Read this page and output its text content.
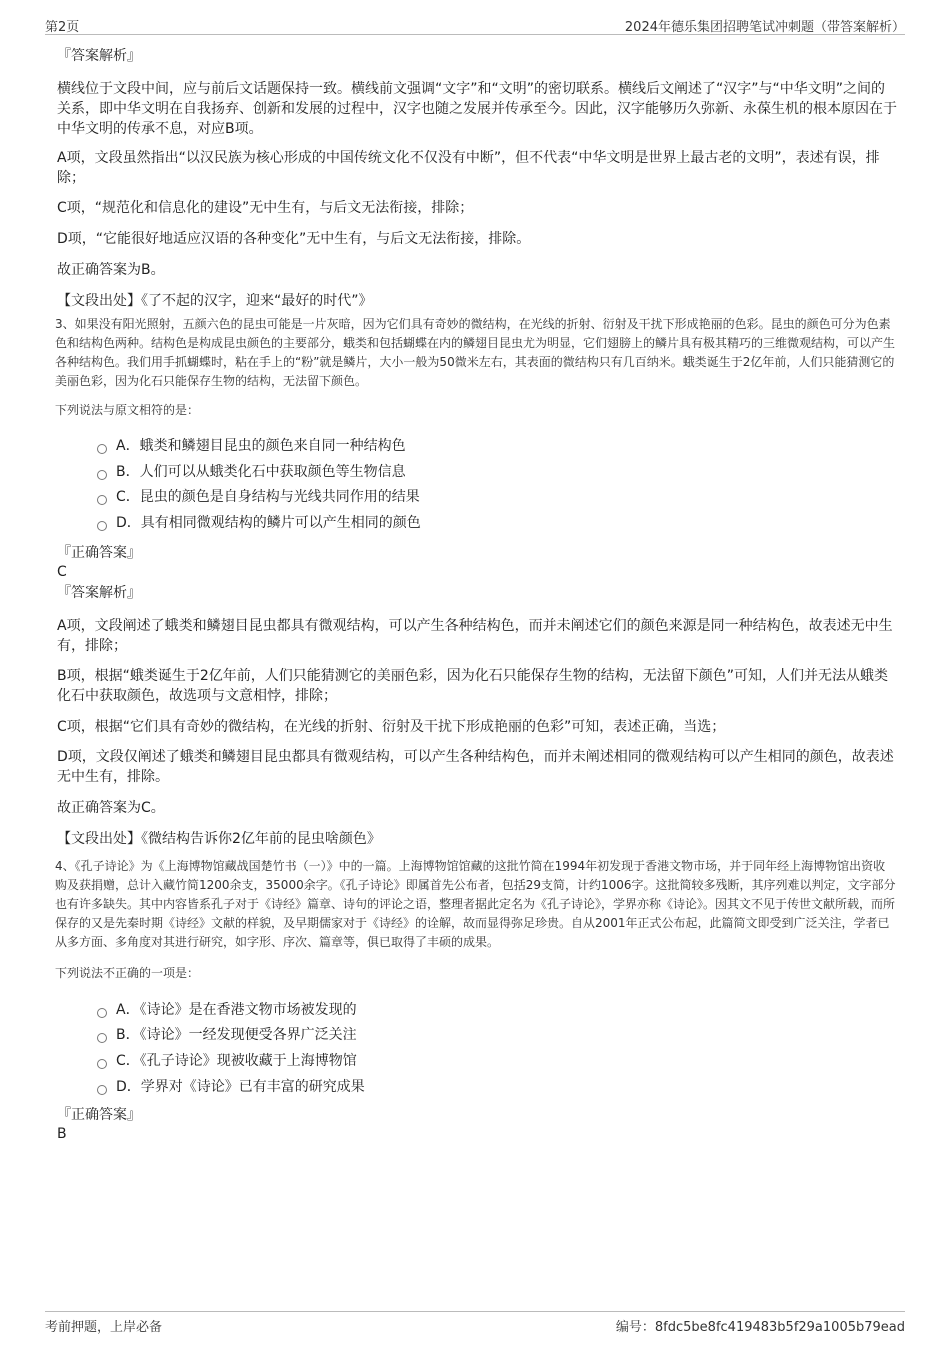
第2页	2024年德乐集团招聘笔试冲刺题（带答案解析）

『答案解析』

横线位于文段中间，应与前后文话题保持一致。横线前文强调“文字”和“文明”的密切联系。横线后文阐述了“汉字”与“中华文明”之间的关系，即中华文明在自我扬弃、创新和发展的过程中，汉字也随之发展并传承至今。因此，汉字能够历久弥新、永葆生机的根本原因在于中华文明的传承不息，对应B项。

A项，文段虽然指出“以汉民族为核心形成的中国传统文化不仅没有中断”，但不代表“中华文明是世界上最古老的文明”，表述有误，排除；

C项，“规范化和信息化的建设”无中生有，与后文无法衔接，排除；

D项，“它能很好地适应汉语的各种变化”无中生有，与后文无法衔接，排除。

故正确答案为B。

【文段出处】《了不起的汉字，迎来“最好的时代”》

3、如果没有阳光照射，五颜六色的昆虫可能是一片灰暗，因为它们具有奇妙的微结构，在光线的折射、衍射及干扰下形成艳丽的色彩。昆虫的颜色可分为色素色和结构色两种。结构色是构成昆虫颜色的主要部分，蛾类和包括蝴蝶在内的鳞翅目昆虫尤为明显，它们翅膀上的鳞片具有极其精巧的三维微观结构，可以产生各种结构色。我们用手抓蝴蝶时，粘在手上的“粉”就是鳞片，大小一般为50微米左右，其表面的微结构只有几百纳米。蛾类诞生于2亿年前，人们只能猜测它的美丽色彩，因为化石只能保存生物的结构，无法留下颜色。

下列说法与原文相符的是：

A．蛾类和鳞翅目昆虫的颜色来自同一种结构色
B．人们可以从蛾类化石中获取颜色等生物信息
C．昆虫的颜色是自身结构与光线共同作用的结果
D．具有相同微观结构的鳞片可以产生相同的颜色

『正确答案』

C

『答案解析』

A项，文段阐述了蛾类和鳞翅目昆虫都具有微观结构，可以产生各种结构色，而并未阐述它们的颜色来源是同一种结构色，故表述无中生有，排除；

B项，根据“蛾类诞生于2亿年前，人们只能猜测它的美丽色彩，因为化石只能保存生物的结构，无法留下颜色”可知，人们并无法从蛾类化石中获取颜色，故选项与文意相悖，排除；

C项，根据“它们具有奇妙的微结构，在光线的折射、衍射及干扰下形成艳丽的色彩”可知，表述正确，当选；

D项，文段仅阐述了蛾类和鳞翅目昆虫都具有微观结构，可以产生各种结构色，而并未阐述相同的微观结构可以产生相同的颜色，故表述无中生有，排除。

故正确答案为C。

【文段出处】《微结构告诉你2亿年前的昆虫啥颜色》

4、《孔子诗论》为《上海博物馆藏战国楚竹书（一）》中的一篇。上海博物馆馆藏的这批竹简在1994年初发现于香港文物市场，并于同年经上海博物馆出资收购及获捐赠，总计入藏竹简1200余支，35000余字。《孔子诗论》即属首先公布者，包括29支简，计约1006字。这批简较多残断，其序列难以判定，文字部分也有许多缺失。其中内容皆系孔子对于《诗经》篇章、诗句的评论之语，整理者据此定名为《孔子诗论》，学界亦称《诗论》。因其文不见于传世文献所载，而所保存的又是先秦时期《诗经》文献的样貌，及早期儒家对于《诗经》的诠解，故而显得弥足珍贵。自从2001年正式公布起，此篇简文即受到广泛关注，学者已从多方面、多角度对其进行研究，如字形、序次、篇章等，俱已取得了丰硕的成果。

下列说法不正确的一项是：

A．《诗论》是在香港文物市场被发现的
B．《诗论》一经发现便受各界广泛关注
C．《孔子诗论》现被收藏于上海博物馆
D．学界对《诗论》已有丰富的研究成果

『正确答案』

B

考前押题，上岸必备	编号：8fdc5be8fc419483b5f29a1005b79ead
